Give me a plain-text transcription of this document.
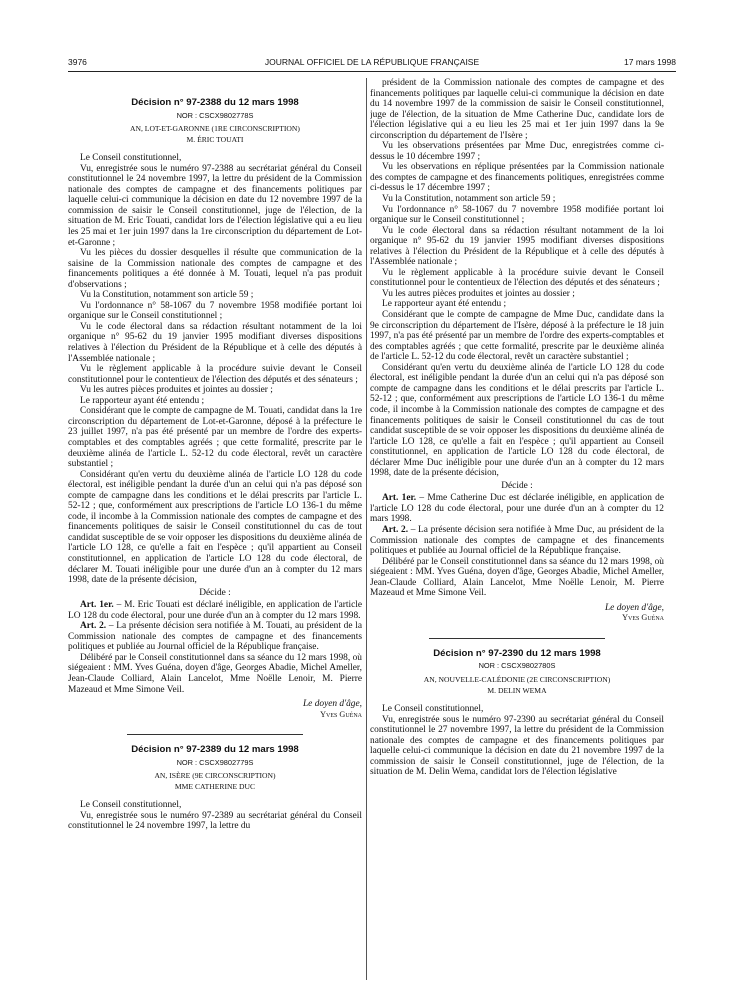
3976	JOURNAL OFFICIEL DE LA RÉPUBLIQUE FRANÇAISE	17 mars 1998
Décision n° 97-2388 du 12 mars 1998
NOR : CSCX9802778S
AN, LOT-ET-GARONNE (1RE CIRCONSCRIPTION)
M. ÉRIC TOUATI

Le Conseil constitutionnel,

Vu, enregistrée sous le numéro 97-2388 au secrétariat général du Conseil constitutionnel le 24 novembre 1997, la lettre du président de la Commission nationale des comptes de campagne et des financements politiques par laquelle celui-ci communique la décision en date du 12 novembre 1997 de la commission de saisir le Conseil constitutionnel, juge de l'élection, de la situation de M. Eric Touati, candidat lors de l'élection législative qui a eu lieu les 25 mai et 1er juin 1997 dans la 1re circonscription du département de Lot-et-Garonne ;

Vu les pièces du dossier desquelles il résulte que communication de la saisine de la Commission nationale des comptes de campagne et des financements politiques a été donnée à M. Touati, lequel n'a pas produit d'observations ;

Vu la Constitution, notamment son article 59 ;

Vu l'ordonnance n° 58-1067 du 7 novembre 1958 modifiée portant loi organique sur le Conseil constitutionnel ;

Vu le code électoral dans sa rédaction résultant notamment de la loi organique n° 95-62 du 19 janvier 1995 modifiant diverses dispositions relatives à l'élection du Président de la République et à celle des députés à l'Assemblée nationale ;

Vu le règlement applicable à la procédure suivie devant le Conseil constitutionnel pour le contentieux de l'élection des députés et des sénateurs ;

Vu les autres pièces produites et jointes au dossier ;

Le rapporteur ayant été entendu ;

Considérant que le compte de campagne de M. Touati, candidat dans la 1re circonscription du département de Lot-et-Garonne, déposé à la préfecture le 23 juillet 1997, n'a pas été présenté par un membre de l'ordre des experts-comptables et des comptables agréés ; que cette formalité, prescrite par le deuxième alinéa de l'article L. 52-12 du code électoral, revêt un caractère substantiel ;

Considérant qu'en vertu du deuxième alinéa de l'article LO 128 du code électoral, est inéligible pendant la durée d'un an celui qui n'a pas déposé son compte de campagne dans les conditions et le délai prescrits par l'article L. 52-12 ; que, conformément aux prescriptions de l'article LO 136-1 du même code, il incombe à la Commission nationale des comptes de campagne et des financements politiques de saisir le Conseil constitutionnel du cas de tout candidat susceptible de se voir opposer les dispositions du deuxième alinéa de l'article LO 128, ce qu'elle a fait en l'espèce ; qu'il appartient au Conseil constitutionnel, en application de l'article LO 128 du code électoral, de déclarer M. Touati inéligible pour une durée d'un an à compter du 12 mars 1998, date de la présente décision,

Décide :

Art. 1er. – M. Eric Touati est déclaré inéligible, en application de l'article LO 128 du code électoral, pour une durée d'un an à compter du 12 mars 1998.

Art. 2. – La présente décision sera notifiée à M. Touati, au président de la Commission nationale des comptes de campagne et des financements politiques et publiée au Journal officiel de la République française.

Délibéré par le Conseil constitutionnel dans sa séance du 12 mars 1998, où siégeaient : MM. Yves Guéna, doyen d'âge, Georges Abadie, Michel Ameller, Jean-Claude Colliard, Alain Lancelot, Mme Noëlle Lenoir, M. Pierre Mazeaud et Mme Simone Veil.

Le doyen d'âge,

Yves Guéna

Décision n° 97-2389 du 12 mars 1998
NOR : CSCX9802779S
AN, ISÈRE (9E CIRCONSCRIPTION)
MME CATHERINE DUC

Le Conseil constitutionnel,

Vu, enregistrée sous le numéro 97-2389 au secrétariat général du Conseil constitutionnel le 24 novembre 1997, la lettre du

président de la Commission nationale des comptes de campagne et des financements politiques par laquelle celui-ci communique la décision en date du 14 novembre 1997 de la commission de saisir le Conseil constitutionnel, juge de l'élection, de la situation de Mme Catherine Duc, candidate lors de l'élection législative qui a eu lieu les 25 mai et 1er juin 1997 dans la 9e circonscription du département de l'Isère ;

Vu les observations présentées par Mme Duc, enregistrées comme ci-dessus le 10 décembre 1997 ;

Vu les observations en réplique présentées par la Commission nationale des comptes de campagne et des financements politiques, enregistrées comme ci-dessus le 17 décembre 1997 ;

Vu la Constitution, notamment son article 59 ;

Vu l'ordonnance n° 58-1067 du 7 novembre 1958 modifiée portant loi organique sur le Conseil constitutionnel ;

Vu le code électoral dans sa rédaction résultant notamment de la loi organique n° 95-62 du 19 janvier 1995 modifiant diverses dispositions relatives à l'élection du Président de la République et à celle des députés à l'Assemblée nationale ;

Vu le règlement applicable à la procédure suivie devant le Conseil constitutionnel pour le contentieux de l'élection des députés et des sénateurs ;

Vu les autres pièces produites et jointes au dossier ;

Le rapporteur ayant été entendu ;

Considérant que le compte de campagne de Mme Duc, candidate dans la 9e circonscription du département de l'Isère, déposé à la préfecture le 18 juin 1997, n'a pas été présenté par un membre de l'ordre des experts-comptables et des comptables agréés ; que cette formalité, prescrite par le deuxième alinéa de l'article L. 52-12 du code électoral, revêt un caractère substantiel ;

Considérant qu'en vertu du deuxième alinéa de l'article LO 128 du code électoral, est inéligible pendant la durée d'un an celui qui n'a pas déposé son compte de campagne dans les conditions et le délai prescrits par l'article L. 52-12 ; que, conformément aux prescriptions de l'article LO 136-1 du même code, il incombe à la Commission nationale des comptes de campagne et des financements politiques de saisir le Conseil constitutionnel du cas de tout candidat susceptible de se voir opposer les dispositions du deuxième alinéa de l'article LO 128, ce qu'elle a fait en l'espèce ; qu'il appartient au Conseil constitutionnel, en application de l'article LO 128 du code électoral, de déclarer Mme Duc inéligible pour une durée d'un an à compter du 12 mars 1998, date de la présente décision,

Décide :

Art. 1er. – Mme Catherine Duc est déclarée inéligible, en application de l'article LO 128 du code électoral, pour une durée d'un an à compter du 12 mars 1998.

Art. 2. – La présente décision sera notifiée à Mme Duc, au président de la Commission nationale des comptes de campagne et des financements politiques et publiée au Journal officiel de la République française.

Délibéré par le Conseil constitutionnel dans sa séance du 12 mars 1998, où siégeaient : MM. Yves Guéna, doyen d'âge, Georges Abadie, Michel Ameller, Jean-Claude Colliard, Alain Lancelot, Mme Noëlle Lenoir, M. Pierre Mazeaud et Mme Simone Veil.

Le doyen d'âge,

Yves Guéna

Décision n° 97-2390 du 12 mars 1998
NOR : CSCX9802780S
AN, NOUVELLE-CALÉDONIE (2E CIRCONSCRIPTION)
M. DELIN WEMA

Le Conseil constitutionnel,

Vu, enregistrée sous le numéro 97-2390 au secrétariat général du Conseil constitutionnel le 27 novembre 1997, la lettre du président de la Commission nationale des comptes de campagne et des financements politiques par laquelle celui-ci communique la décision en date du 21 novembre 1997 de la commission de saisir le Conseil constitutionnel, juge de l'élection, de la situation de M. Delin Wema, candidat lors de l'élection législative
